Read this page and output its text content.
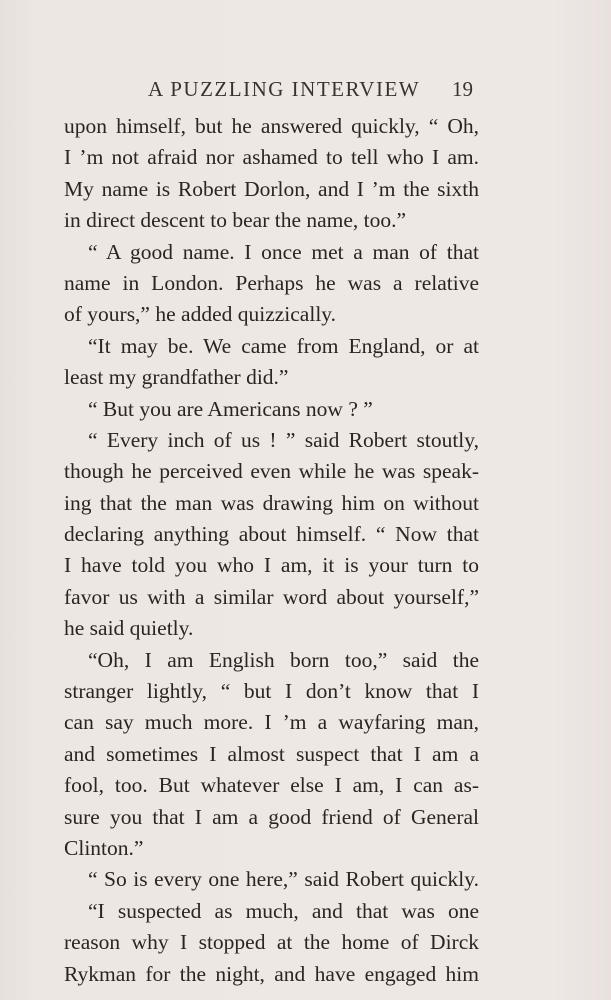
A PUZZLING INTERVIEW 19
upon himself, but he answered quickly, “ Oh,
I ’m not afraid nor ashamed to tell who I am.
My name is Robert Dorlon, and I ’m the sixth
in direct descent to bear the name, too.”
“ A good name. I once met a man of that
name in London. Perhaps he was a relative
of yours,” he added quizzically.
“It may be. We came from England, or at
least my grandfather did.”
“ But you are Americans now ? ”
“ Every inch of us ! ” said Robert stoutly,
though he perceived even while he was speak-
ing that the man was drawing him on without
declaring anything about himself. “ Now that
I have told you who I am, it is your turn to
favor us with a similar word about yourself,”
he said quietly.
“Oh, I am English born too,” said the
stranger lightly, “ but I don’t know that I
can say much more. I ’m a wayfaring man,
and sometimes I almost suspect that I am a
fool, too. But whatever else I am, I can as-
sure you that I am a good friend of General
Clinton.”
“ So is every one here,” said Robert quickly.
“I suspected as much, and that was one
reason why I stopped at the home of Dirck
Rykman for the night, and have engaged him
